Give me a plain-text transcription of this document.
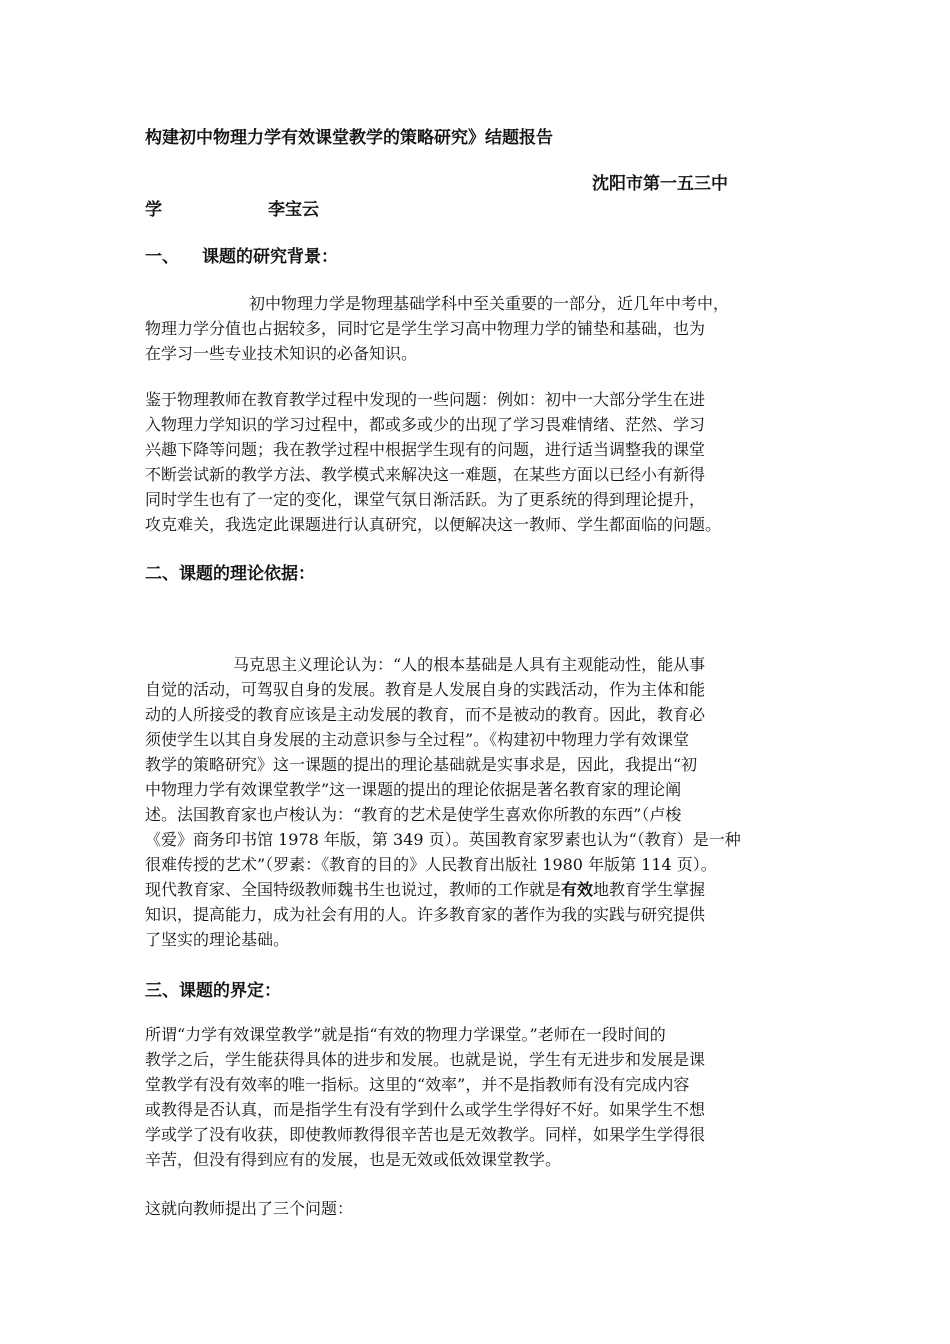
构建初中物理力学有效课堂教学的策略研究》结题报告
沈阳市第一五三中
学	李宝云
一、 课题的研究背景：
初中物理力学是物理基础学科中至关重要的一部分，近几年中考中，
物理力学分值也占据较多，同时它是学生学习高中物理力学的铺垫和基础，也为
在学习一些专业技术知识的必备知识。
鉴于物理教师在教育教学过程中发现的一些问题：例如：初中一大部分学生在进
入物理力学知识的学习过程中，都或多或少的出现了学习畏难情绪、茫然、学习
兴趣下降等问题；我在教学过程中根据学生现有的问题，进行适当调整我的课堂
不断尝试新的教学方法、教学模式来解决这一难题，在某些方面以已经小有新得
同时学生也有了一定的变化，课堂气氛日渐活跃。为了更系统的得到理论提升，
攻克难关，我选定此课题进行认真研究，以便解决这一教师、学生都面临的问题。
二、课题的理论依据：
马克思主义理论认为：“人的根本基础是人具有主观能动性，能从事
自觉的活动，可驾驭自身的发展。教育是人发展自身的实践活动，作为主体和能
动的人所接受的教育应该是主动发展的教育，而不是被动的教育。因此，教育必
须使学生以其自身发展的主动意识参与全过程”。《构建初中物理力学有效课堂
教学的策略研究》这一课题的提出的理论基础就是实事求是，因此，我提出“初
中物理力学有效课堂教学”这一课题的提出的理论依据是著名教育家的理论阐
述。法国教育家也卢梭认为：“教育的艺术是使学生喜欢你所教的东西”（卢梭
《爱》商务印书馆 1978 年版，第 349 页）。英国教育家罗素也认为“（教育）是一种
很难传授的艺术”（罗素：《教育的目的》人民教育出版社 1980 年版第 114 页）。
现代教育家、全国特级教师魏书生也说过，教师的工作就是有效地教育学生掌握
知识，提高能力，成为社会有用的人。许多教育家的著作为我的实践与研究提供
了坚实的理论基础。
三、课题的界定：
所谓“力学有效课堂教学”就是指“有效的物理力学课堂。”老师在一段时间的
教学之后，学生能获得具体的进步和发展。也就是说，学生有无进步和发展是课
堂教学有没有效率的唯一指标。这里的“效率”，并不是指教师有没有完成内容
或教得是否认真，而是指学生有没有学到什么或学生学得好不好。如果学生不想
学或学了没有收获，即使教师教得很辛苦也是无效教学。同样，如果学生学得很
辛苦，但没有得到应有的发展，也是无效或低效课堂教学。
这就向教师提出了三个问题：
